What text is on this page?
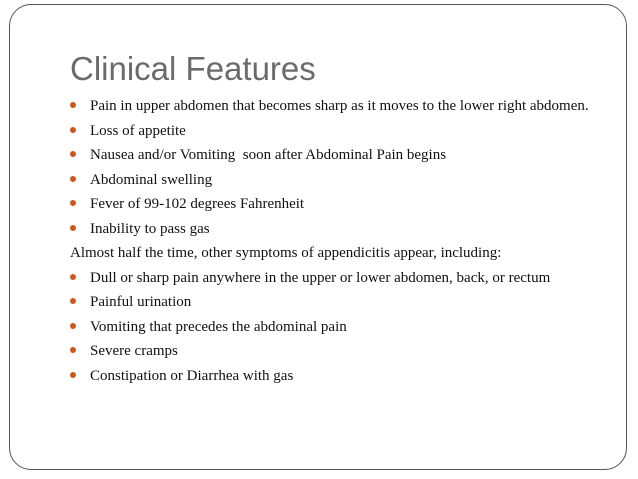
Clinical Features
Pain in upper abdomen that becomes sharp as it moves to the lower right abdomen.
Loss of appetite
Nausea and/or Vomiting  soon after Abdominal Pain begins
Abdominal swelling
Fever of 99-102 degrees Fahrenheit
Inability to pass gas

Almost half the time, other symptoms of appendicitis appear, including:

Dull or sharp pain anywhere in the upper or lower abdomen, back, or rectum
Painful urination
Vomiting that precedes the abdominal pain
Severe cramps
Constipation or Diarrhea with gas
